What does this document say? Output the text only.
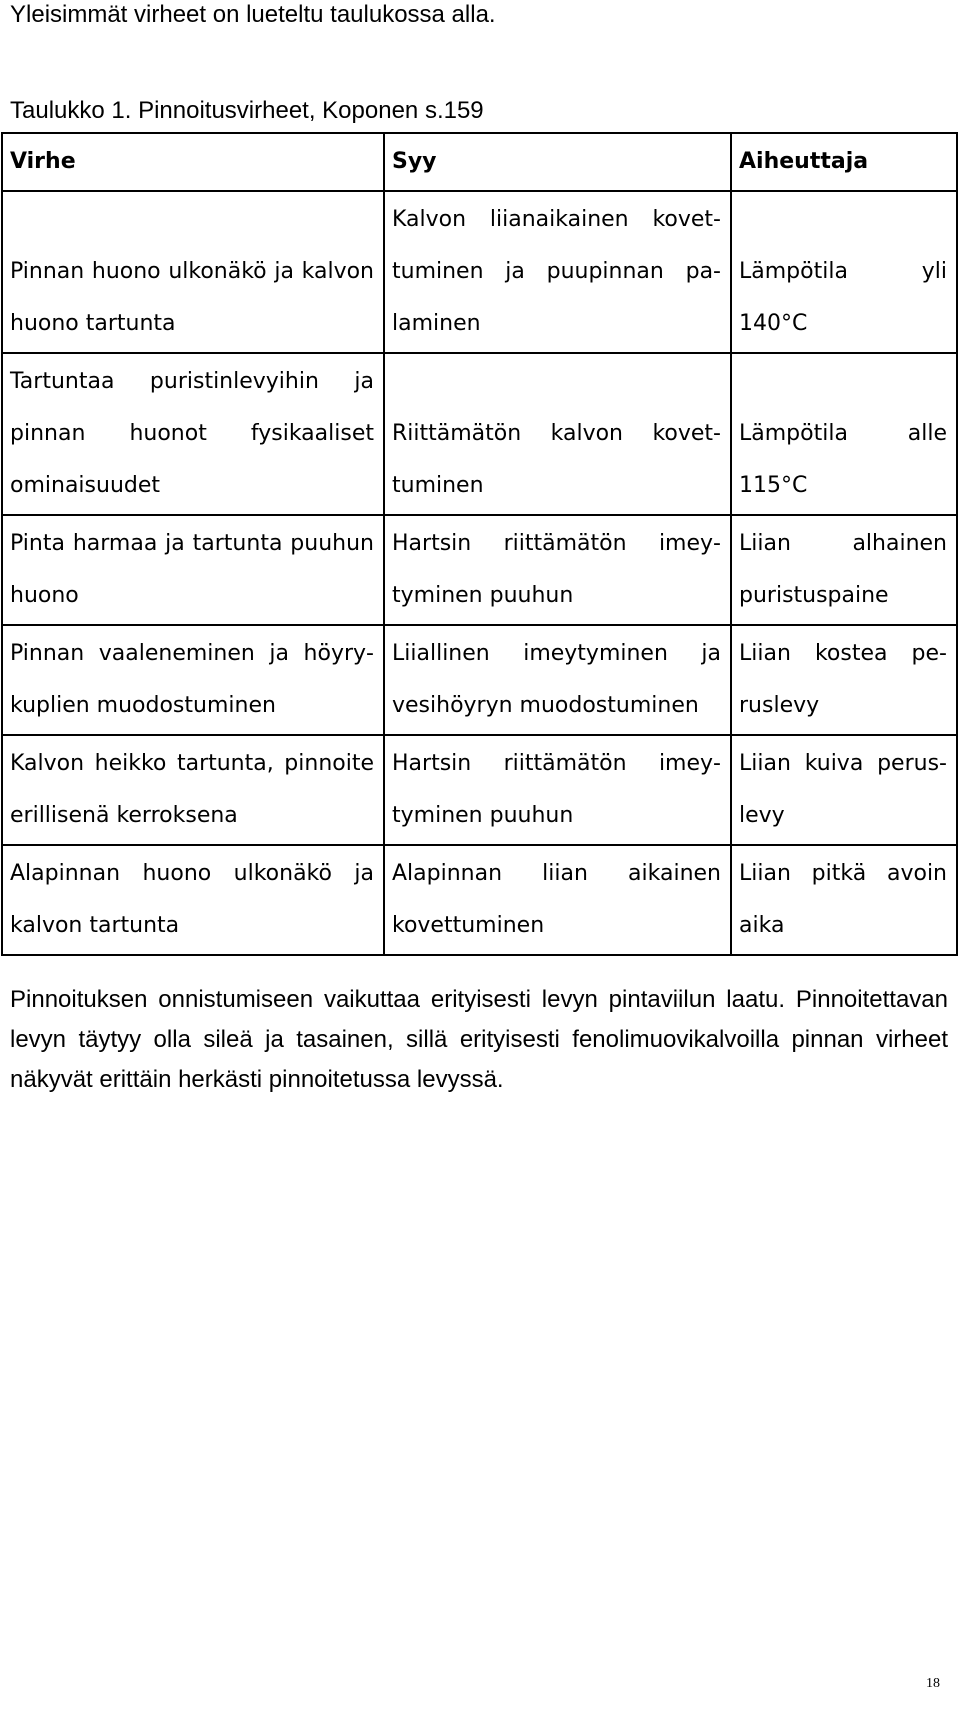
Yleisimmät virheet on lueteltu taulukossa alla.

Taulukko 1. Pinnoitusvirheet, Koponen s.159

Virhe	Syy	Aiheuttaja
Pinnan huono ulkonäkö ja kalvon huono tartunta	Kalvon liianaikainen kovettuminen ja puupinnan palaminen	Lämpötila yli 140°C
Tartuntaa puristinlevyihin ja pinnan huonot fysikaaliset ominaisuudet	Riittämätön kalvon kovettuminen	Lämpötila alle 115°C
Pinta harmaa ja tartunta puuhun huono	Hartsin riittämätön imeytyminen puuhun	Liian alhainen puristuspaine
Pinnan vaaleneminen ja höyrykuplien muodostuminen	Liiallinen imeytyminen ja vesihöyryn muodostuminen	Liian kostea peruslevy
Kalvon heikko tartunta, pinnoite erillisenä kerroksena	Hartsin riittämätön imeytyminen puuhun	Liian kuiva peruslevy
Alapinnan huono ulkonäkö ja kalvon tartunta	Alapinnan liian aikainen kovettuminen	Liian pitkä avoin aika

Pinnoituksen onnistumiseen vaikuttaa erityisesti levyn pintaviilun laatu. Pinnoitettavan levyn täytyy olla sileä ja tasainen, sillä erityisesti fenolimuovikalvoilla pinnan virheet näkyvät erittäin herkästi pinnoitetussa levyssä.

18
